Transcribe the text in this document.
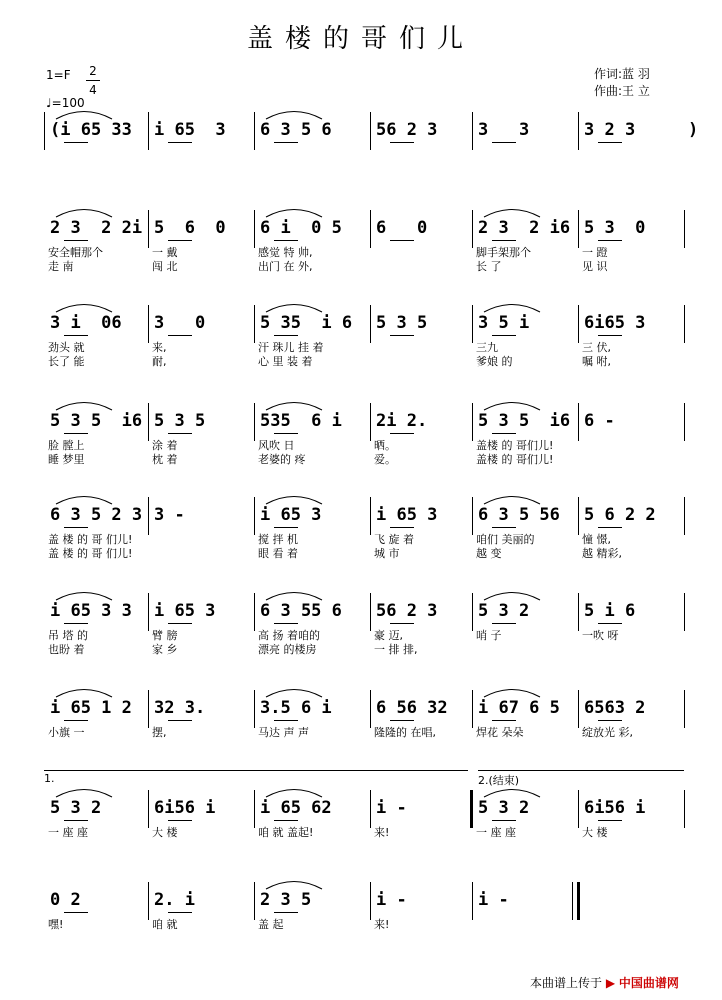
盖楼的哥们儿
$1=F \frac{2}{4}$
♩=100
作词:蓝 羽
作曲:王 立
本曲谱上传于 ▶ 中国曲谱网
(i 65 33 i 65  3 6 3 5 6	56 2 3 3   3	3 2 3	)
2 3  2 2i 5  6  0 6 i  0 5 6   0	2 3  2 i6 5 3  0
安全帽那个	一 戴	感觉 特 帅,	脚手架那个	一 蹬
走 南	闯 北	出门 在 外,	长 了	见 识
3 i  06 3   0	5 35  i 6 5 3 5	3 5 i	6i65 3
劲头 就	来,	汗 珠儿 挂 着	三九	三 伏,
长了 能	耐,	心 里 装 着	爹娘 的	嘱 咐,
5 3 5  i6 5 3 5	535  6 i 2i 2.	5 3 5  i6 6 -
脸 膛上	涂 着	风吹 日	晒。	盖楼 的 哥们儿!
睡 梦里	枕 着	老婆的 疼	爱。	盖楼 的 哥们儿!
6 3 5 2 3 3 -	i 65 3	i 65 3 6 3 5 56 5 6 2 2
盖 楼 的 哥 们儿!	搅 拌 机	飞 旋 着	咱们 美丽的	憧 憬,
盖 楼 的 哥 们儿!	眼 看 着	城 市	越 变	越 精彩,
i 65 3 3 i 65 3	6 3 55 6 56 2 3 5 3 2	5 i 6
吊 塔 的	臂 膀	高 扬 着咱的	豪 迈,	哨 子	一吹 呀
也盼 着	家 乡	漂亮 的楼房	一 排 排,
i 65 1 2 32 3.	3.5 6 i	6 56 32 i 67 6 5 6563 2
小旗 一	摆,	马达 声 声	隆隆的 在唱,	焊花 朵朵	绽放光 彩,
5 3 2	6i56 i	i 65 62	i -	5 3 2	6i56 i
一 座 座	大 楼	咱 就 盖起!	来!	一 座 座	大 楼
1.	2.(结束)
0 2	2. i	2 3 5	i -	i -
嘿!	咱 就	盖 起	来!
